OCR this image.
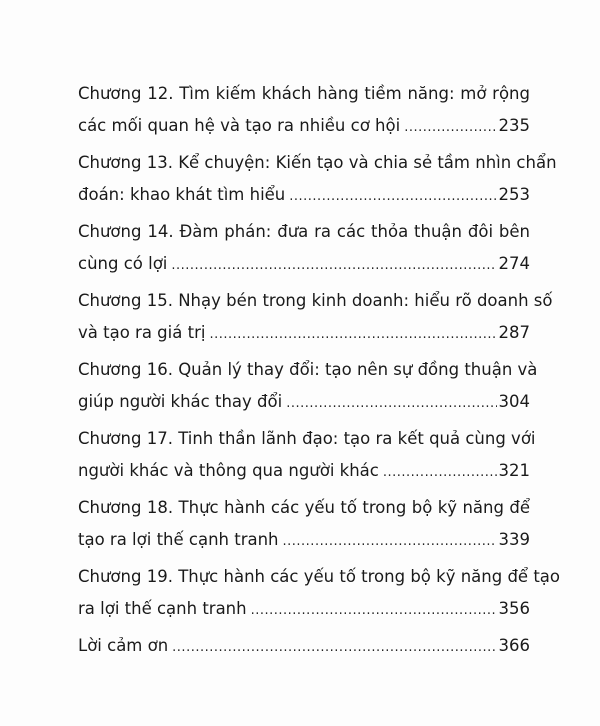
Chương 12. Tìm kiếm khách hàng tiềm năng: mở rộng
các mối quan hệ và tạo ra nhiều cơ hội .....	235
Chương 13. Kể chuyện: Kiến tạo và chia sẻ tầm nhìn chẩn
đoán: khao khát tìm hiểu .....	253
Chương 14. Đàm phán: đưa ra các thỏa thuận đôi bên
cùng có lợi .....	274
Chương 15. Nhạy bén trong kinh doanh: hiểu rõ doanh số
và tạo ra giá trị .....	287
Chương 16. Quản lý thay đổi: tạo nên sự đồng thuận và
giúp người khác thay đổi .....	304
Chương 17. Tinh thần lãnh đạo: tạo ra kết quả cùng với
người khác và thông qua người khác .....	321
Chương 18. Thực hành các yếu tố trong bộ kỹ năng để
tạo ra lợi thế cạnh tranh .....	339
Chương 19. Thực hành các yếu tố trong bộ kỹ năng để tạo
ra lợi thế cạnh tranh .....	356
Lời cảm ơn .....	366
